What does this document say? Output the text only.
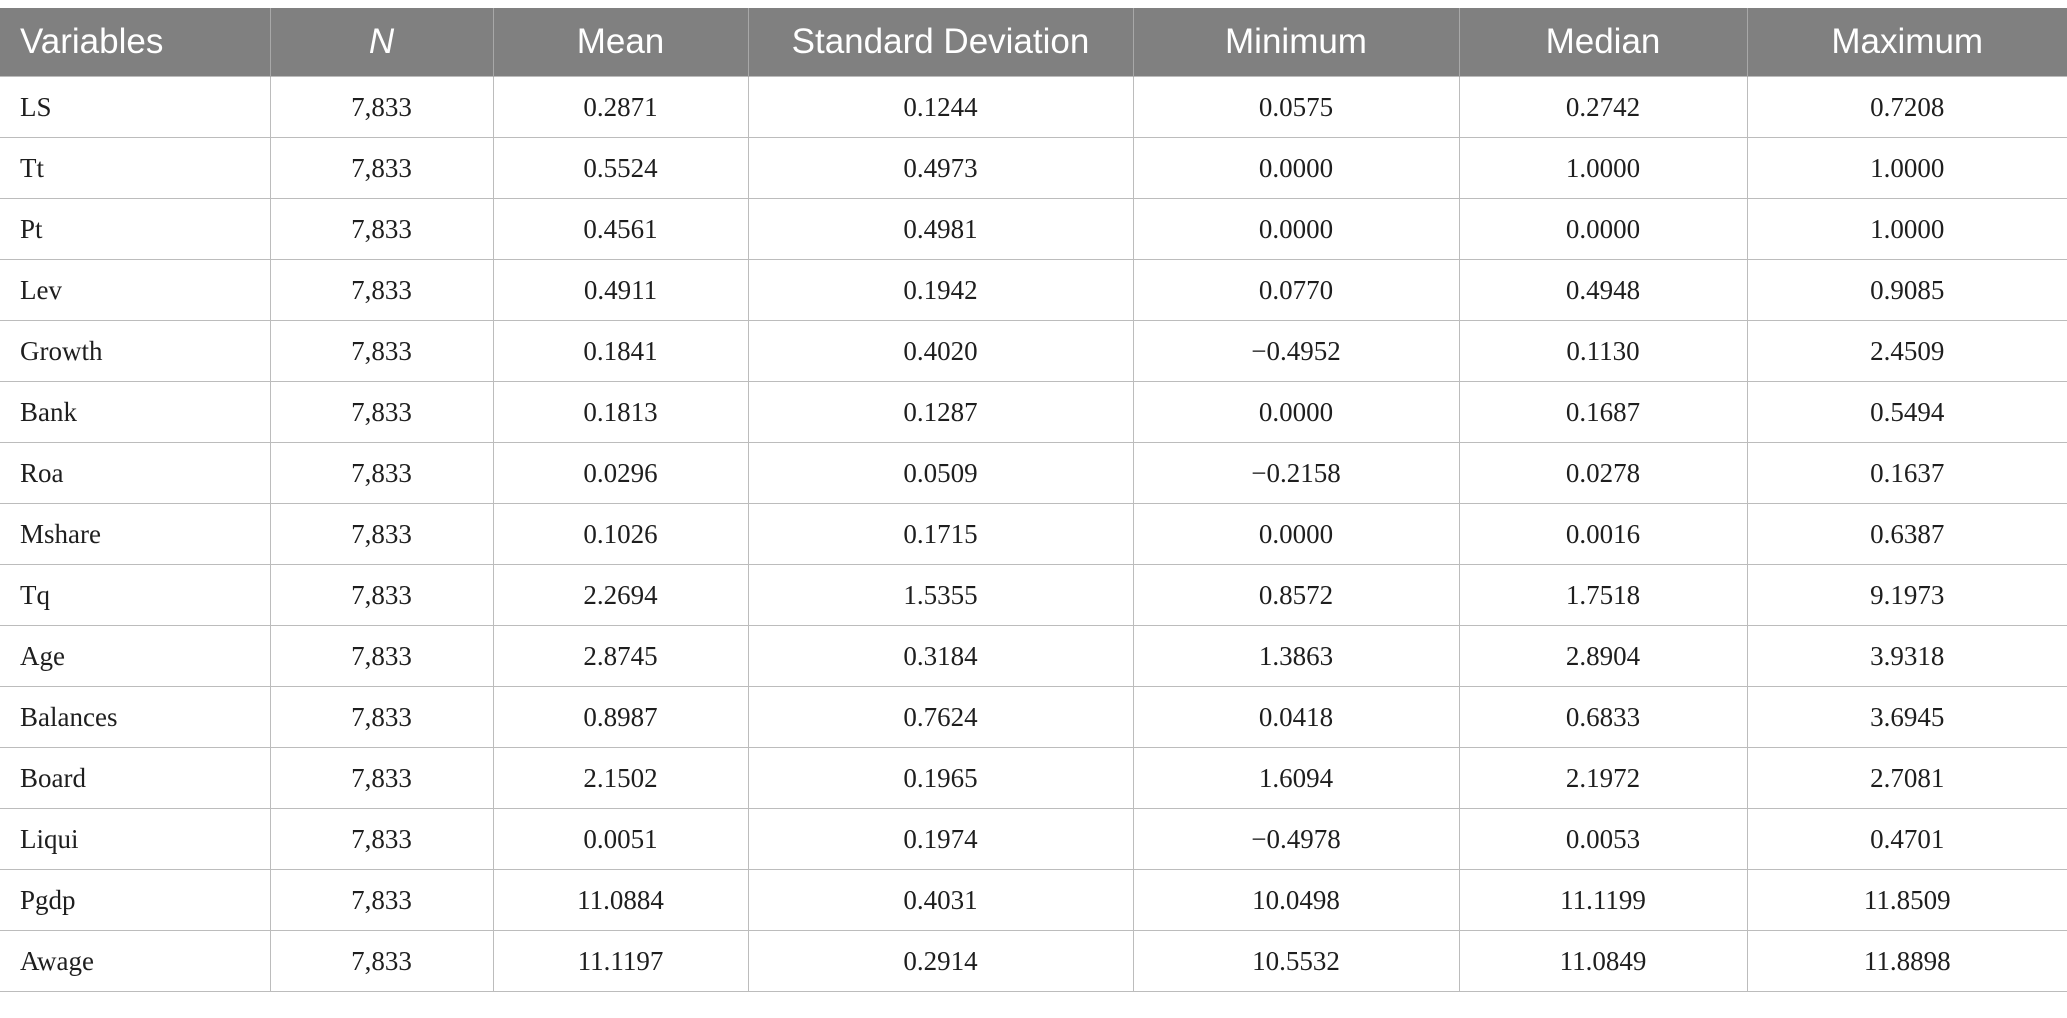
Variables	N	Mean	Standard Deviation	Minimum	Median	Maximum
LS	7,833	0.2871	0.1244	0.0575	0.2742	0.7208
Tt	7,833	0.5524	0.4973	0.0000	1.0000	1.0000
Pt	7,833	0.4561	0.4981	0.0000	0.0000	1.0000
Lev	7,833	0.4911	0.1942	0.0770	0.4948	0.9085
Growth	7,833	0.1841	0.4020	−0.4952	0.1130	2.4509
Bank	7,833	0.1813	0.1287	0.0000	0.1687	0.5494
Roa	7,833	0.0296	0.0509	−0.2158	0.0278	0.1637
Mshare	7,833	0.1026	0.1715	0.0000	0.0016	0.6387
Tq	7,833	2.2694	1.5355	0.8572	1.7518	9.1973
Age	7,833	2.8745	0.3184	1.3863	2.8904	3.9318
Balances	7,833	0.8987	0.7624	0.0418	0.6833	3.6945
Board	7,833	2.1502	0.1965	1.6094	2.1972	2.7081
Liqui	7,833	0.0051	0.1974	−0.4978	0.0053	0.4701
Pgdp	7,833	11.0884	0.4031	10.0498	11.1199	11.8509
Awage	7,833	11.1197	0.2914	10.5532	11.0849	11.8898
